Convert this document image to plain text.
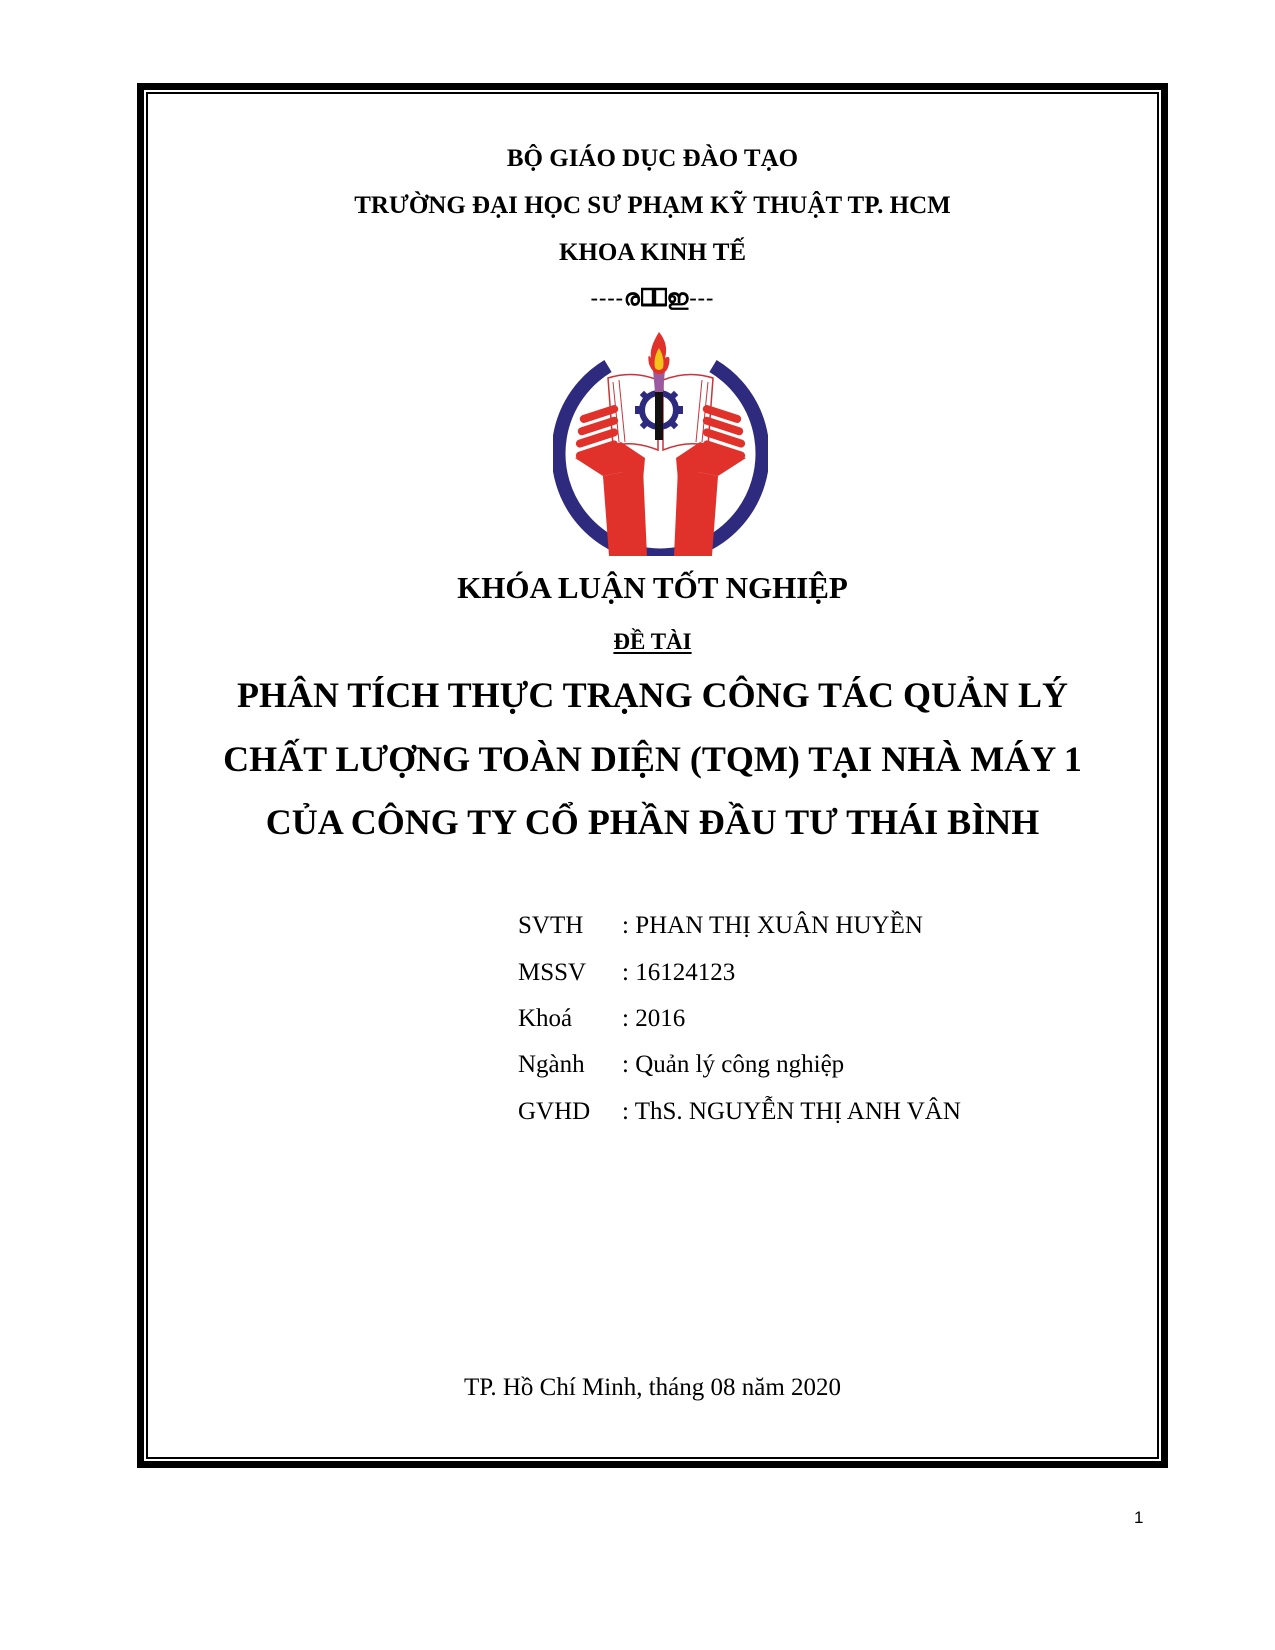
BỘ GIÁO DỤC ĐÀO TẠO
TRƯỜNG ĐẠI HỌC SƯ PHẠM KỸ THUẬT TP. HCM
KHOA KINH TẾ
----ര ഇ---
KHÓA LUẬN TỐT NGHIỆP
ĐỀ TÀI
PHÂN TÍCH THỰC TRẠNG CÔNG TÁC QUẢN LÝ
CHẤT LƯỢNG TOÀN DIỆN (TQM) TẠI NHÀ MÁY 1
CỦA CÔNG TY CỔ PHẦN ĐẦU TƯ THÁI BÌNH
SVTH : PHAN THỊ XUÂN HUYỀN
MSSV : 16124123
Khoá : 2016
Ngành : Quản lý công nghiệp
GVHD : ThS. NGUYỄN THỊ ANH VÂN
TP. Hồ Chí Minh, tháng 08 năm 2020
1
